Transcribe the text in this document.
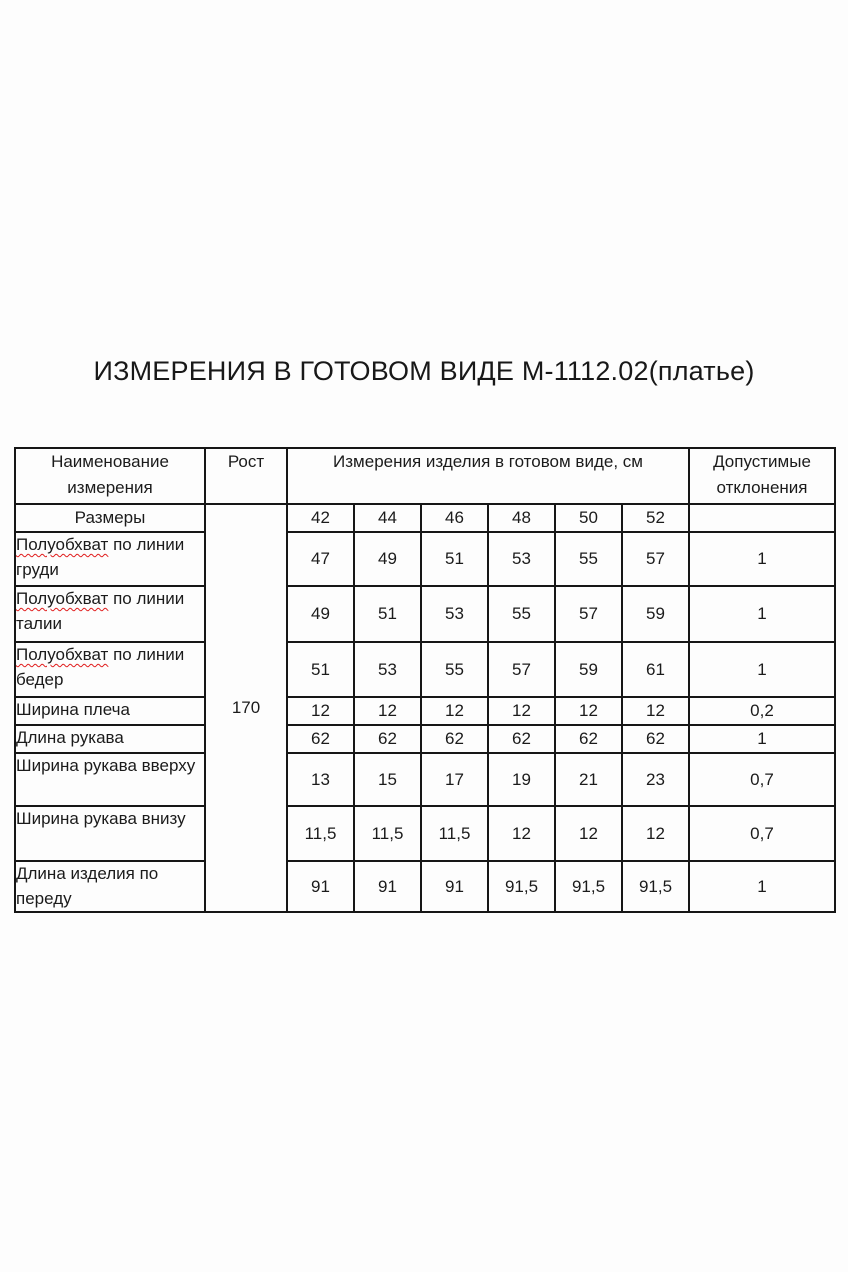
ИЗМЕРЕНИЯ В ГОТОВОМ ВИДЕ М-1112.02(платье)
Наименование измерения	Рост	Измерения изделия в готовом виде, см						Допустимые отклонения
Размеры	170	42	44	46	48	50	52	
Полуобхват по линии груди		47	49	51	53	55	57	1
Полуобхват по линии талии		49	51	53	55	57	59	1
Полуобхват по линии бедер		51	53	55	57	59	61	1
Ширина плеча		12	12	12	12	12	12	0,2
Длина рукава		62	62	62	62	62	62	1
Ширина рукава вверху		13	15	17	19	21	23	0,7
Ширина рукава внизу		11,5	11,5	11,5	12	12	12	0,7
Длина изделия по переду		91	91	91	91,5	91,5	91,5	1
